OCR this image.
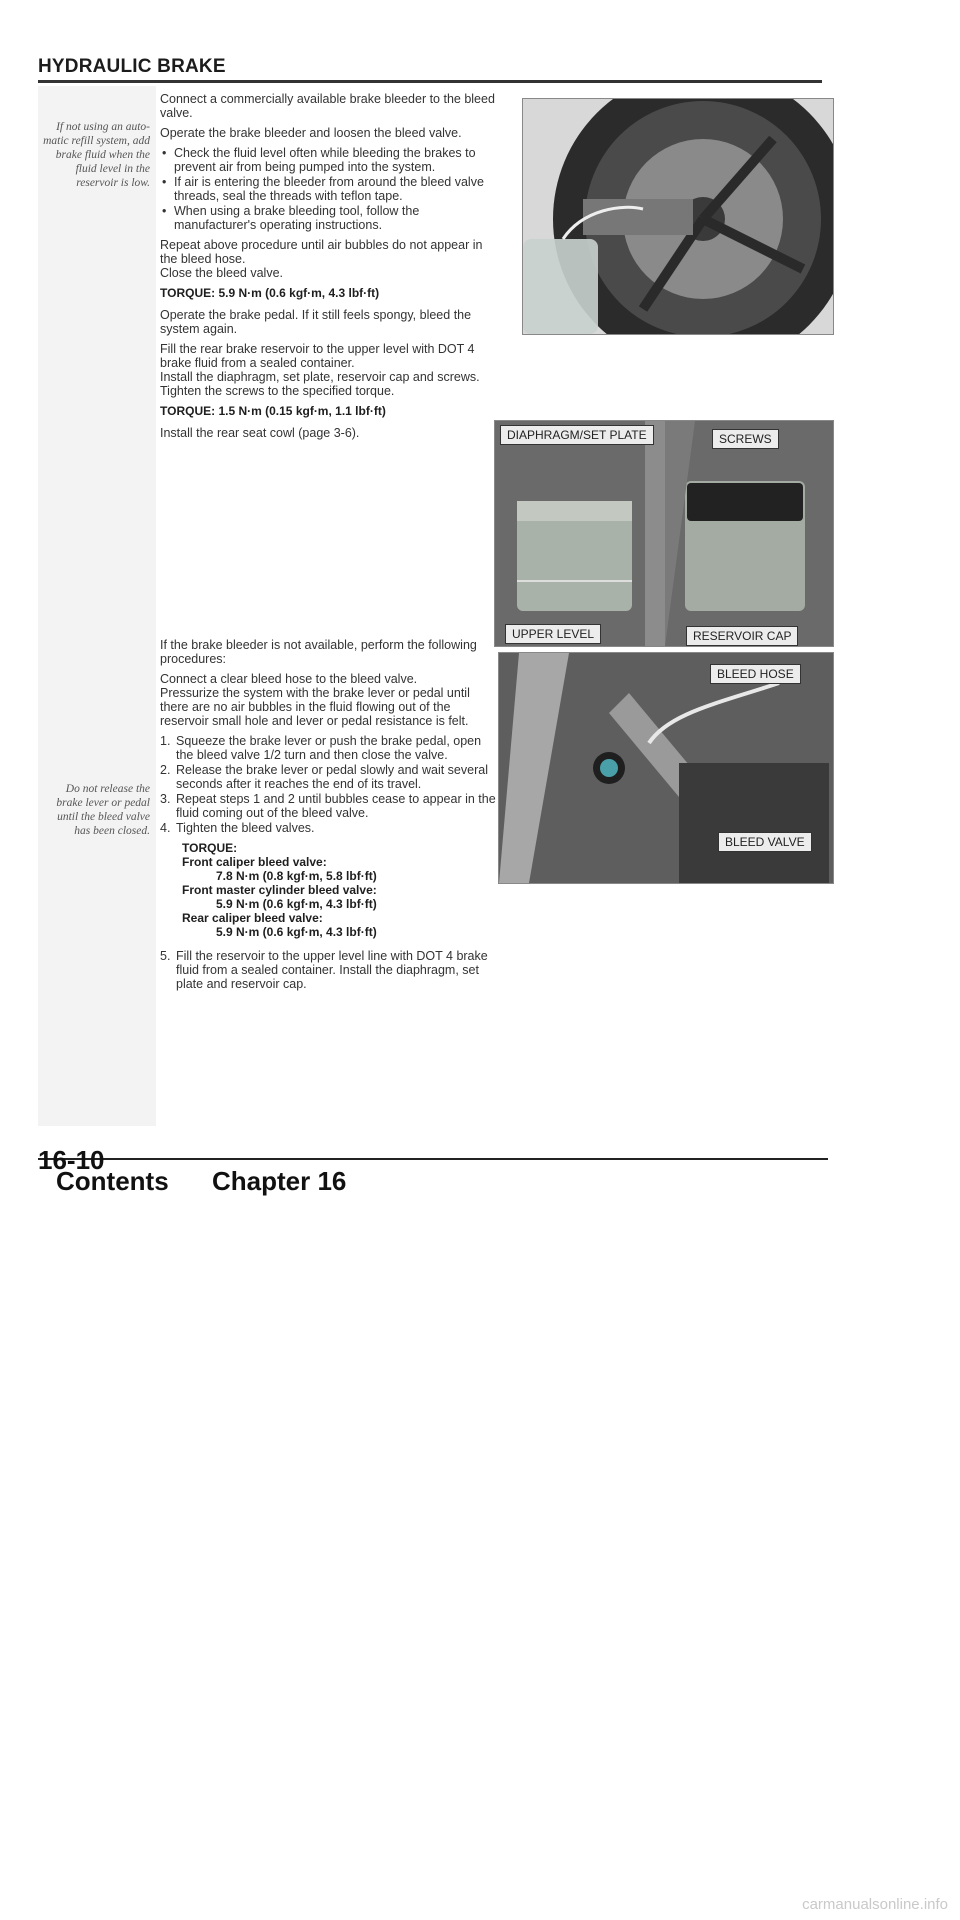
HYDRAULIC BRAKE
If not using an auto-matic refill system, add brake fluid when the fluid level in the reservoir is low.
Do not release the brake lever or pedal until the bleed valve has been closed.

Connect a commercially available brake bleeder to the bleed valve.

Operate the brake bleeder and loosen the bleed valve.

• Check the fluid level often while bleeding the brakes to prevent air from being pumped into the system.
• If air is entering the bleeder from around the bleed valve threads, seal the threads with teflon tape.
• When using a brake bleeding tool, follow the manufacturer's operating instructions.

Repeat above procedure until air bubbles do not appear in the bleed hose.

Close the bleed valve.

TORQUE: 5.9 N·m (0.6 kgf·m, 4.3 lbf·ft)

Operate the brake pedal. If it still feels spongy, bleed the system again.

Fill the rear brake reservoir to the upper level with DOT 4 brake fluid from a sealed container.

Install the diaphragm, set plate, reservoir cap and screws.

Tighten the screws to the specified torque.

TORQUE: 1.5 N·m (0.15 kgf·m, 1.1 lbf·ft)

Install the rear seat cowl (page 3-6).

If the brake bleeder is not available, perform the following procedures:

Connect a clear bleed hose to the bleed valve.

Pressurize the system with the brake lever or pedal until there are no air bubbles in the fluid flowing out of the reservoir small hole and lever or pedal resistance is felt.

1. Squeeze the brake lever or push the brake pedal, open the bleed valve 1/2 turn and then close the valve.
2. Release the brake lever or pedal slowly and wait several seconds after it reaches the end of its travel.
3. Repeat steps 1 and 2 until bubbles cease to appear in the fluid coming out of the bleed valve.
4. Tighten the bleed valves.
TORQUE:
Front caliper bleed valve:
7.8 N·m (0.8 kgf·m, 5.8 lbf·ft)
Front master cylinder bleed valve:
5.9 N·m (0.6 kgf·m, 4.3 lbf·ft)
Rear caliper bleed valve:
5.9 N·m (0.6 kgf·m, 4.3 lbf·ft)
5. Fill the reservoir to the upper level line with DOT 4 brake fluid from a sealed container. Install the diaphragm, set plate and reservoir cap.
DIAPHRAGM/SET PLATE	SCREWS
UPPER LEVEL	RESERVOIR CAP
BLEED HOSE
BLEED VALVE
16-10
Contents Chapter 16
carmanualsonline.info
